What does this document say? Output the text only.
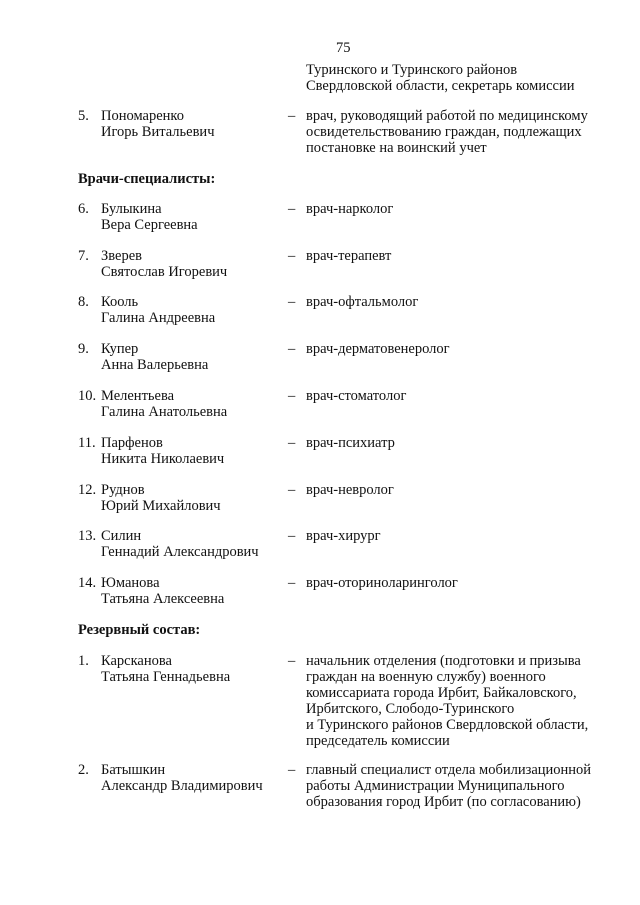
75
Туринского и Туринского районов
Свердловской области, секретарь комиссии
5. Пономаренко
Игорь Витальевич
– врач, руководящий работой по медицинскому
освидетельствованию граждан, подлежащих
постановке на воинский учет
Врачи-специалисты:
6. Булыкина
Вера Сергеевна
– врач-нарколог
7. Зверев
Святослав Игоревич
– врач-терапевт
8. Кооль
Галина Андреевна
– врач-офтальмолог
9. Купер
Анна Валерьевна
– врач-дерматовенеролог
10. Мелентьева
Галина Анатольевна
– врач-стоматолог
11. Парфенов
Никита Николаевич
– врач-психиатр
12. Руднов
Юрий Михайлович
– врач-невролог
13. Силин
Геннадий Александрович
– врач-хирург
14. Юманова
Татьяна Алексеевна
– врач-оториноларинголог
Резервный состав:
1. Карсканова
Татьяна Геннадьевна
– начальник отделения (подготовки и призыва
граждан на военную службу) военного
комиссариата города Ирбит, Байкаловского,
Ирбитского, Слободо-Туринского
и Туринского районов Свердловской области,
председатель комиссии
2. Батышкин
Александр Владимирович
– главный специалист отдела мобилизационной
работы Администрации Муниципального
образования город Ирбит (по согласованию)
